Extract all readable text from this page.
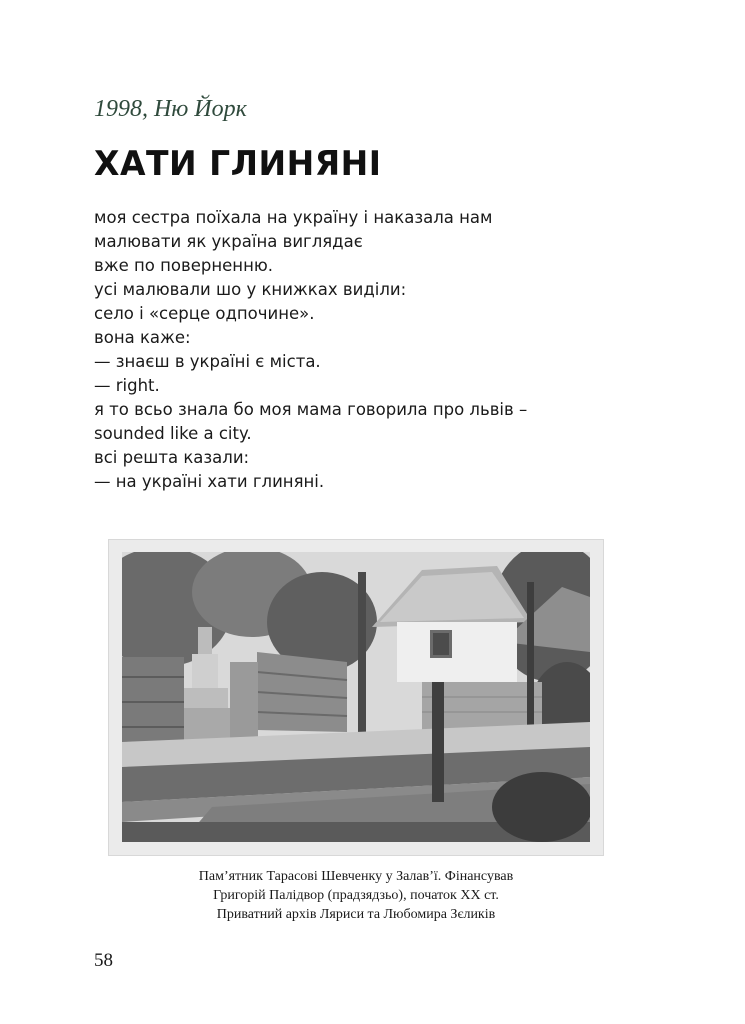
1998, Ню Йорк
ХАТИ ГЛИНЯНІ
моя сестра поїхала на україну і наказала нам
малювати як україна виглядає
вже по поверненню.
усі малювали шо у книжках виділи:
село і «серце одпочине».
вона каже:
— знаєш в україні є міста.
— right.
я то всьо знала бо моя мама говорила про львів –
sounded like a city.
всі решта казали:
— на україні хати глиняні.
Пам’ятник Тарасові Шевченку у Залав’ї. Фінансував
Григорій Палідвор (прадзядзьо), початок XX ст.
Приватний архів Ляриси та Любомира Зєликів
58
